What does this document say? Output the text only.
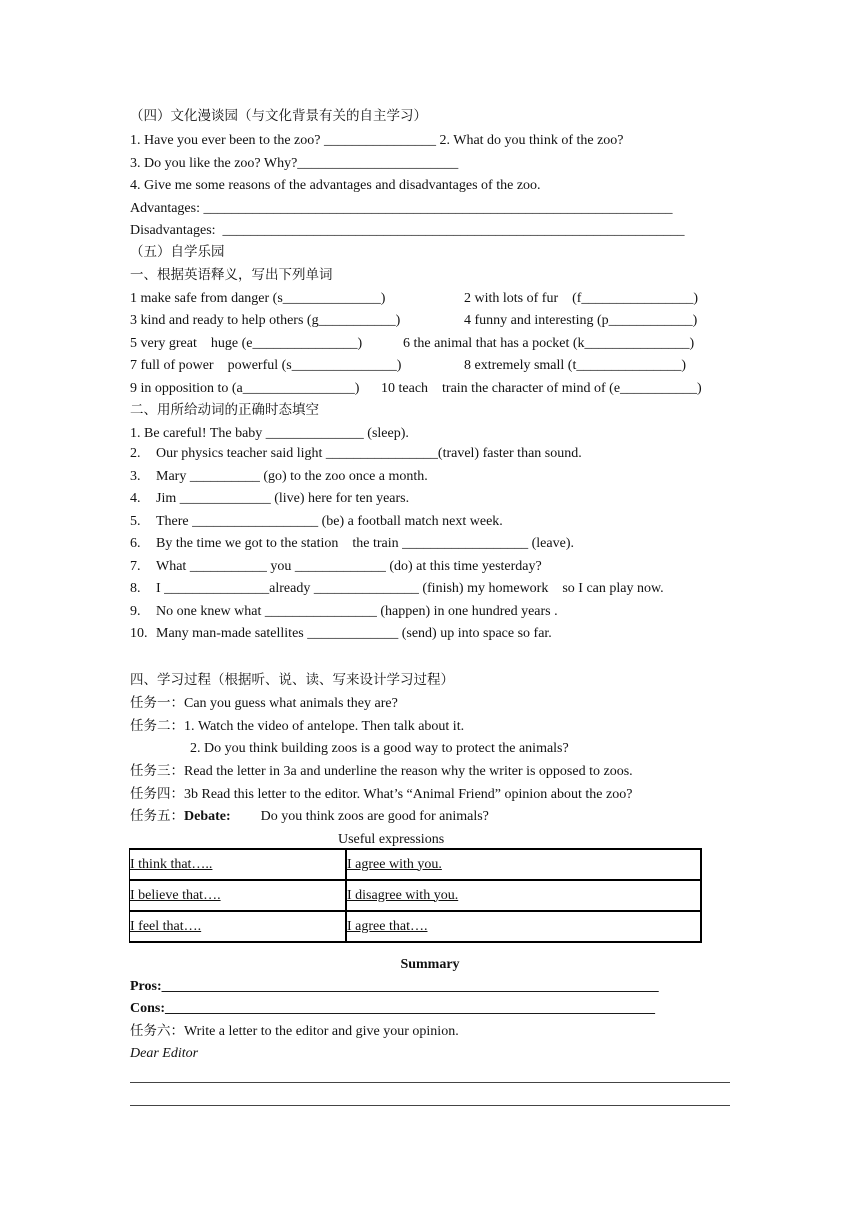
（四）文化漫谈园（与文化背景有关的自主学习）
1. Have you ever been to the zoo? ________________ 2. What do you think of the zoo?
3. Do you like the zoo? Why?_______________________
4. Give me some reasons of the advantages and disadvantages of the zoo.
Advantages: ___________________________________________________________________
Disadvantages:  __________________________________________________________________
（五）自学乐园
一、根据英语释义，写出下列单词
1 make safe from danger (s______________)	2 with lots of fur　(f________________)
3 kind and ready to help others (g___________)	4 funny and interesting (p____________)
5 very great　huge (e_______________)	6 the animal that has a pocket (k_______________)
7 full of power　powerful (s_______________)	8 extremely small (t_______________)
9 in opposition to (a________________) 10 teach　train the character of mind of (e___________)
二、用所给动词的正确时态填空
1. Be careful! The baby ______________ (sleep).
2. Our physics teacher said light ________________(travel) faster than sound.
3. Mary __________ (go) to the zoo once a month.
4. Jim _____________ (live) here for ten years.
5. There __________________ (be) a football match next week.
6. By the time we got to the station　the train __________________ (leave).
7. What ___________ you _____________ (do) at this time yesterday?
8. I _______________already _______________ (finish) my homework　so I can play now.
9. No one knew what ________________ (happen) in one hundred years .
10. Many man-made satellites _____________ (send) up into space so far.
四、学习过程（根据听、说、读、写来设计学习过程）
任务一：Can you guess what animals they are?
任务二：1. Watch the video of antelope. Then talk about it.
2. Do you think building zoos is a good way to protect the animals?
任务三：Read the letter in 3a and underline the reason why the writer is opposed to zoos.
任务四：3b Read this letter to the editor. What’s “Animal Friend” opinion about the zoo?
任务五：Debate: Do you think zoos are good for animals?
Useful expressions
I think that…..	I agree with you.
I believe that….	I disagree with you.
I feel that….	I agree that….
Summary
Pros:_______________________________________________________________________
Cons:______________________________________________________________________
任务六：Write a letter to the editor and give your opinion.
Dear Editor
